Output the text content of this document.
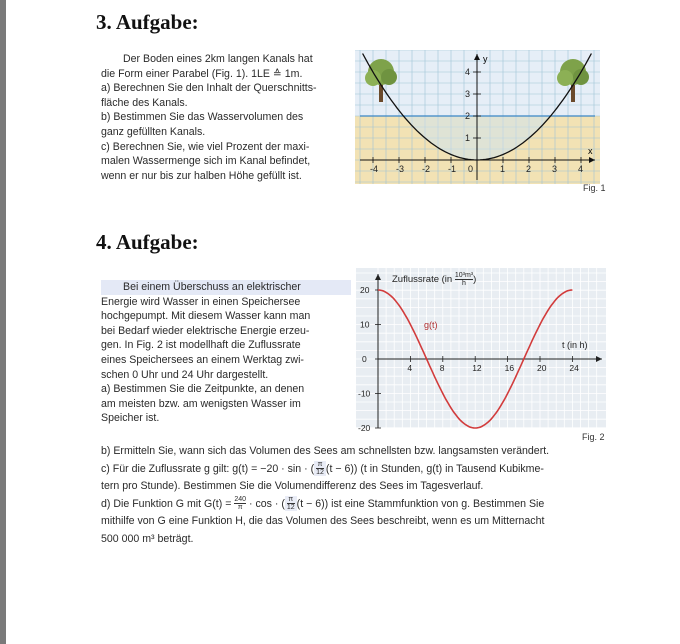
3. Aufgabe:
Der Boden eines 2km langen Kanals hat
die Form einer Parabel (Fig. 1). 1LE ≙ 1m.
a) Berechnen Sie den Inhalt der Querschnitts-
fläche des Kanals.
b) Bestimmen Sie das Wasservolumen des
ganz gefüllten Kanals.
c) Berechnen Sie, wie viel Prozent der maxi-
malen Wassermenge sich im Kanal befindet,
wenn er nur bis zur halben Höhe gefüllt ist.
-4 -3 -2 -1 0	1 2 3 4
1
2
3
4
y
x
Fig. 1
4. Aufgabe:
Bei einem Überschuss an elektrischer
Energie wird Wasser in einen Speichersee
hochgepumpt. Mit diesem Wasser kann man
bei Bedarf wieder elektrische Energie erzeu-
gen. In Fig. 2 ist modellhaft die Zuflussrate
eines Speichersees an einem Werktag zwi-
schen 0 Uhr und 24 Uhr dargestellt.
a) Bestimmen Sie die Zeitpunkte, an denen
am meisten bzw. am wenigsten Wasser im
Speicher ist.
4	8	12	16	20	24
20
10
0
-10
-20
Zuflussrate ($in \frac{\text{10³m³}}{h}$ )
t (in h)
g(t)
Fig. 2
b) Ermitteln Sie, wann sich das Volumen des Sees am schnellsten bzw. langsamsten verändert.
c) Für die Zuflussrate g gilt: g(t) = −20 · sin · ( $\frac{\pi}{12} (t - 6)$) (t in Stunden, g(t) in Tausend Kubikme-
tern pro Stunde). Bestimmen Sie die Volumendifferenz des Sees im Tagesverlauf.
d) Die Funktion G mit $G(t) = \frac{240}{\pi} \cdot \cos$ · ( $\frac{\pi}{12} (t - 6)$) ist eine Stammfunktion von g. Bestimmen Sie
mithilfe von G eine Funktion H, die das Volumen des Sees beschreibt, wenn es um Mitternacht
500 000 m³ beträgt.
